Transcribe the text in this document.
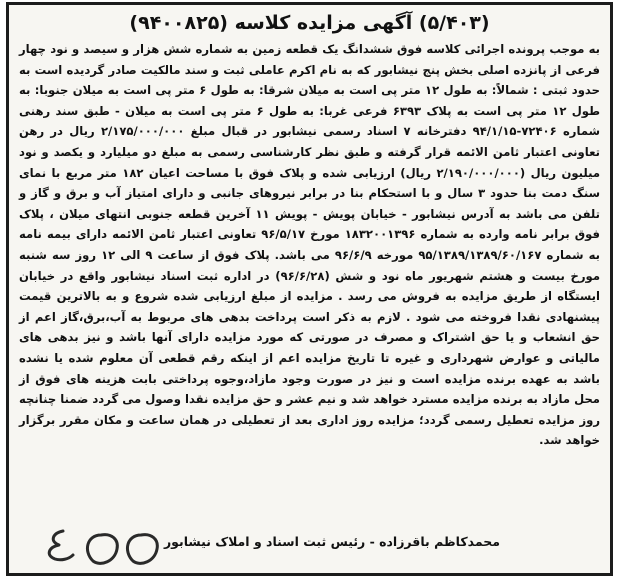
(۵/۴۰۳) آگهی مزایده کلاسه (۹۴۰۰۸۲۵)
به موجب پرونده اجرائی کلاسه فوق ششدانگ یک قطعه زمین به شماره شش هزار و سیصد و نود چهار فرعی از پانزده اصلی بخش پنج نیشابور که به نام اکرم عاملی ثبت و سند مالکیت صادر گردیده است به حدود ثبتی : شمالاً: به طول ۱۲ متر پی است به میلان شرقا: به طول ۶ متر پی است به میلان جنوبا: به طول ۱۲ متر پی است به پلاک ۶۳۹۳ فرعی غربا: به طول ۶ متر پی است به میلان - طبق سند رهنی شماره ۷۲۴۰۶-۹۴/۱/۱۵ دفترخانه ۷ اسناد رسمی نیشابور در قبال مبلغ ۲/۱۷۵/۰۰۰/۰۰۰ ریال در رهن تعاونی اعتبار ثامن الائمه قرار گرفته و طبق نظر کارشناسی رسمی به مبلغ دو میلیارد و یکصد و نود میلیون ریال (۲/۱۹۰/۰۰۰/۰۰۰ ریال) ارزیابی شده و پلاک فوق با مساحت اعیان ۱۸۲ متر مربع با نمای سنگ دمت بنا حدود ۳ سال و با استحکام بنا در برابر نیروهای جانبی و دارای امتیاز آب و برق و گاز و تلفن می باشد به آدرس نیشابور - خیابان پویش - پویش ۱۱ آخرین قطعه جنوبی انتهای میلان ، پلاک فوق برابر نامه وارده به شماره ۱۸۳۲۰۰۱۳۹۶ مورخ ۹۶/۵/۱۷ تعاونی اعتبار ثامن الائمه دارای بیمه نامه به شماره ۹۵/۱۳۸۹/۱۳۸۹/۶۰/۱۶۷ مورخه ۹۶/۶/۹ می باشد. پلاک فوق از ساعت ۹ الی ۱۲ روز سه شنبه مورخ بیست و هشتم شهریور ماه نود و شش (۹۶/۶/۲۸) در اداره ثبت اسناد نیشابور واقع در خیابان ایستگاه از طریق مزایده به فروش می رسد . مزایده از مبلغ ارزیابی شده شروع و به بالاترین قیمت پیشنهادی نقدا فروخته می شود . لازم به ذکر است پرداخت بدهی های مربوط به آب،برق،گاز اعم از حق انشعاب و یا حق اشتراک و مصرف در صورتی که مورد مزایده دارای آنها باشد و نیز بدهی های مالیاتی و عوارض شهرداری و غیره تا تاریخ مزایده اعم از اینکه رقم قطعی آن معلوم شده یا نشده باشد به عهده برنده مزایده است و نیز در صورت وجود مازاد،وجوه پرداختی بابت هزینه های فوق از محل مازاد به برنده مزایده مسترد خواهد شد و نیم عشر و حق مزایده نقدا وصول می گردد ضمنا چنانچه روز مزایده تعطیل رسمی گردد؛ مزایده روز اداری بعد از تعطیلی در همان ساعت و مکان مقرر برگزار خواهد شد.
محمدکاظم باقرزاده - رئیس ثبت اسناد و املاک نیشابور
